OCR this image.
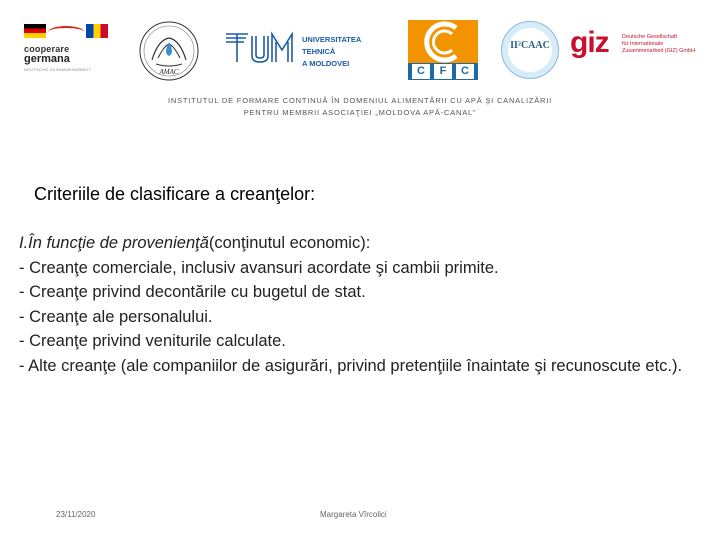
cooperare
germana
DEUTSCHE ZUSAMMENARBEIT	AMAC
UNIVERSITATEA TEHNICĂ
A MOLDOVEI
C	F	C
II²CAAC giz Deutsche Gesellschaft
für Internationale
Zusammenarbeit (GIZ) GmbH
INSTITUTUL DE FORMARE CONTINUĂ ÎN DOMENIUL ALIMENTĂRII CU APĂ ŞI CANALIZĂRII
PENTRU MEMBRII ASOCIAŢIEI „MOLDOVA APĂ-CANAL”
Criteriile de clasificare a creanţelor:

I.În funcţie de provenienţă(conţinutul economic):

- Creanţe comerciale, inclusiv avansuri acordate şi cambii primite.

- Creanţe privind decontările cu bugetul de stat.

- Creanţe ale personalului.

- Creanţe privind veniturile calculate.

- Alte creanţe (ale companiilor de asigurări, privind pretenţiile înaintate şi recunoscute etc.).

23/11/2020	Margareta Vîrcolici
